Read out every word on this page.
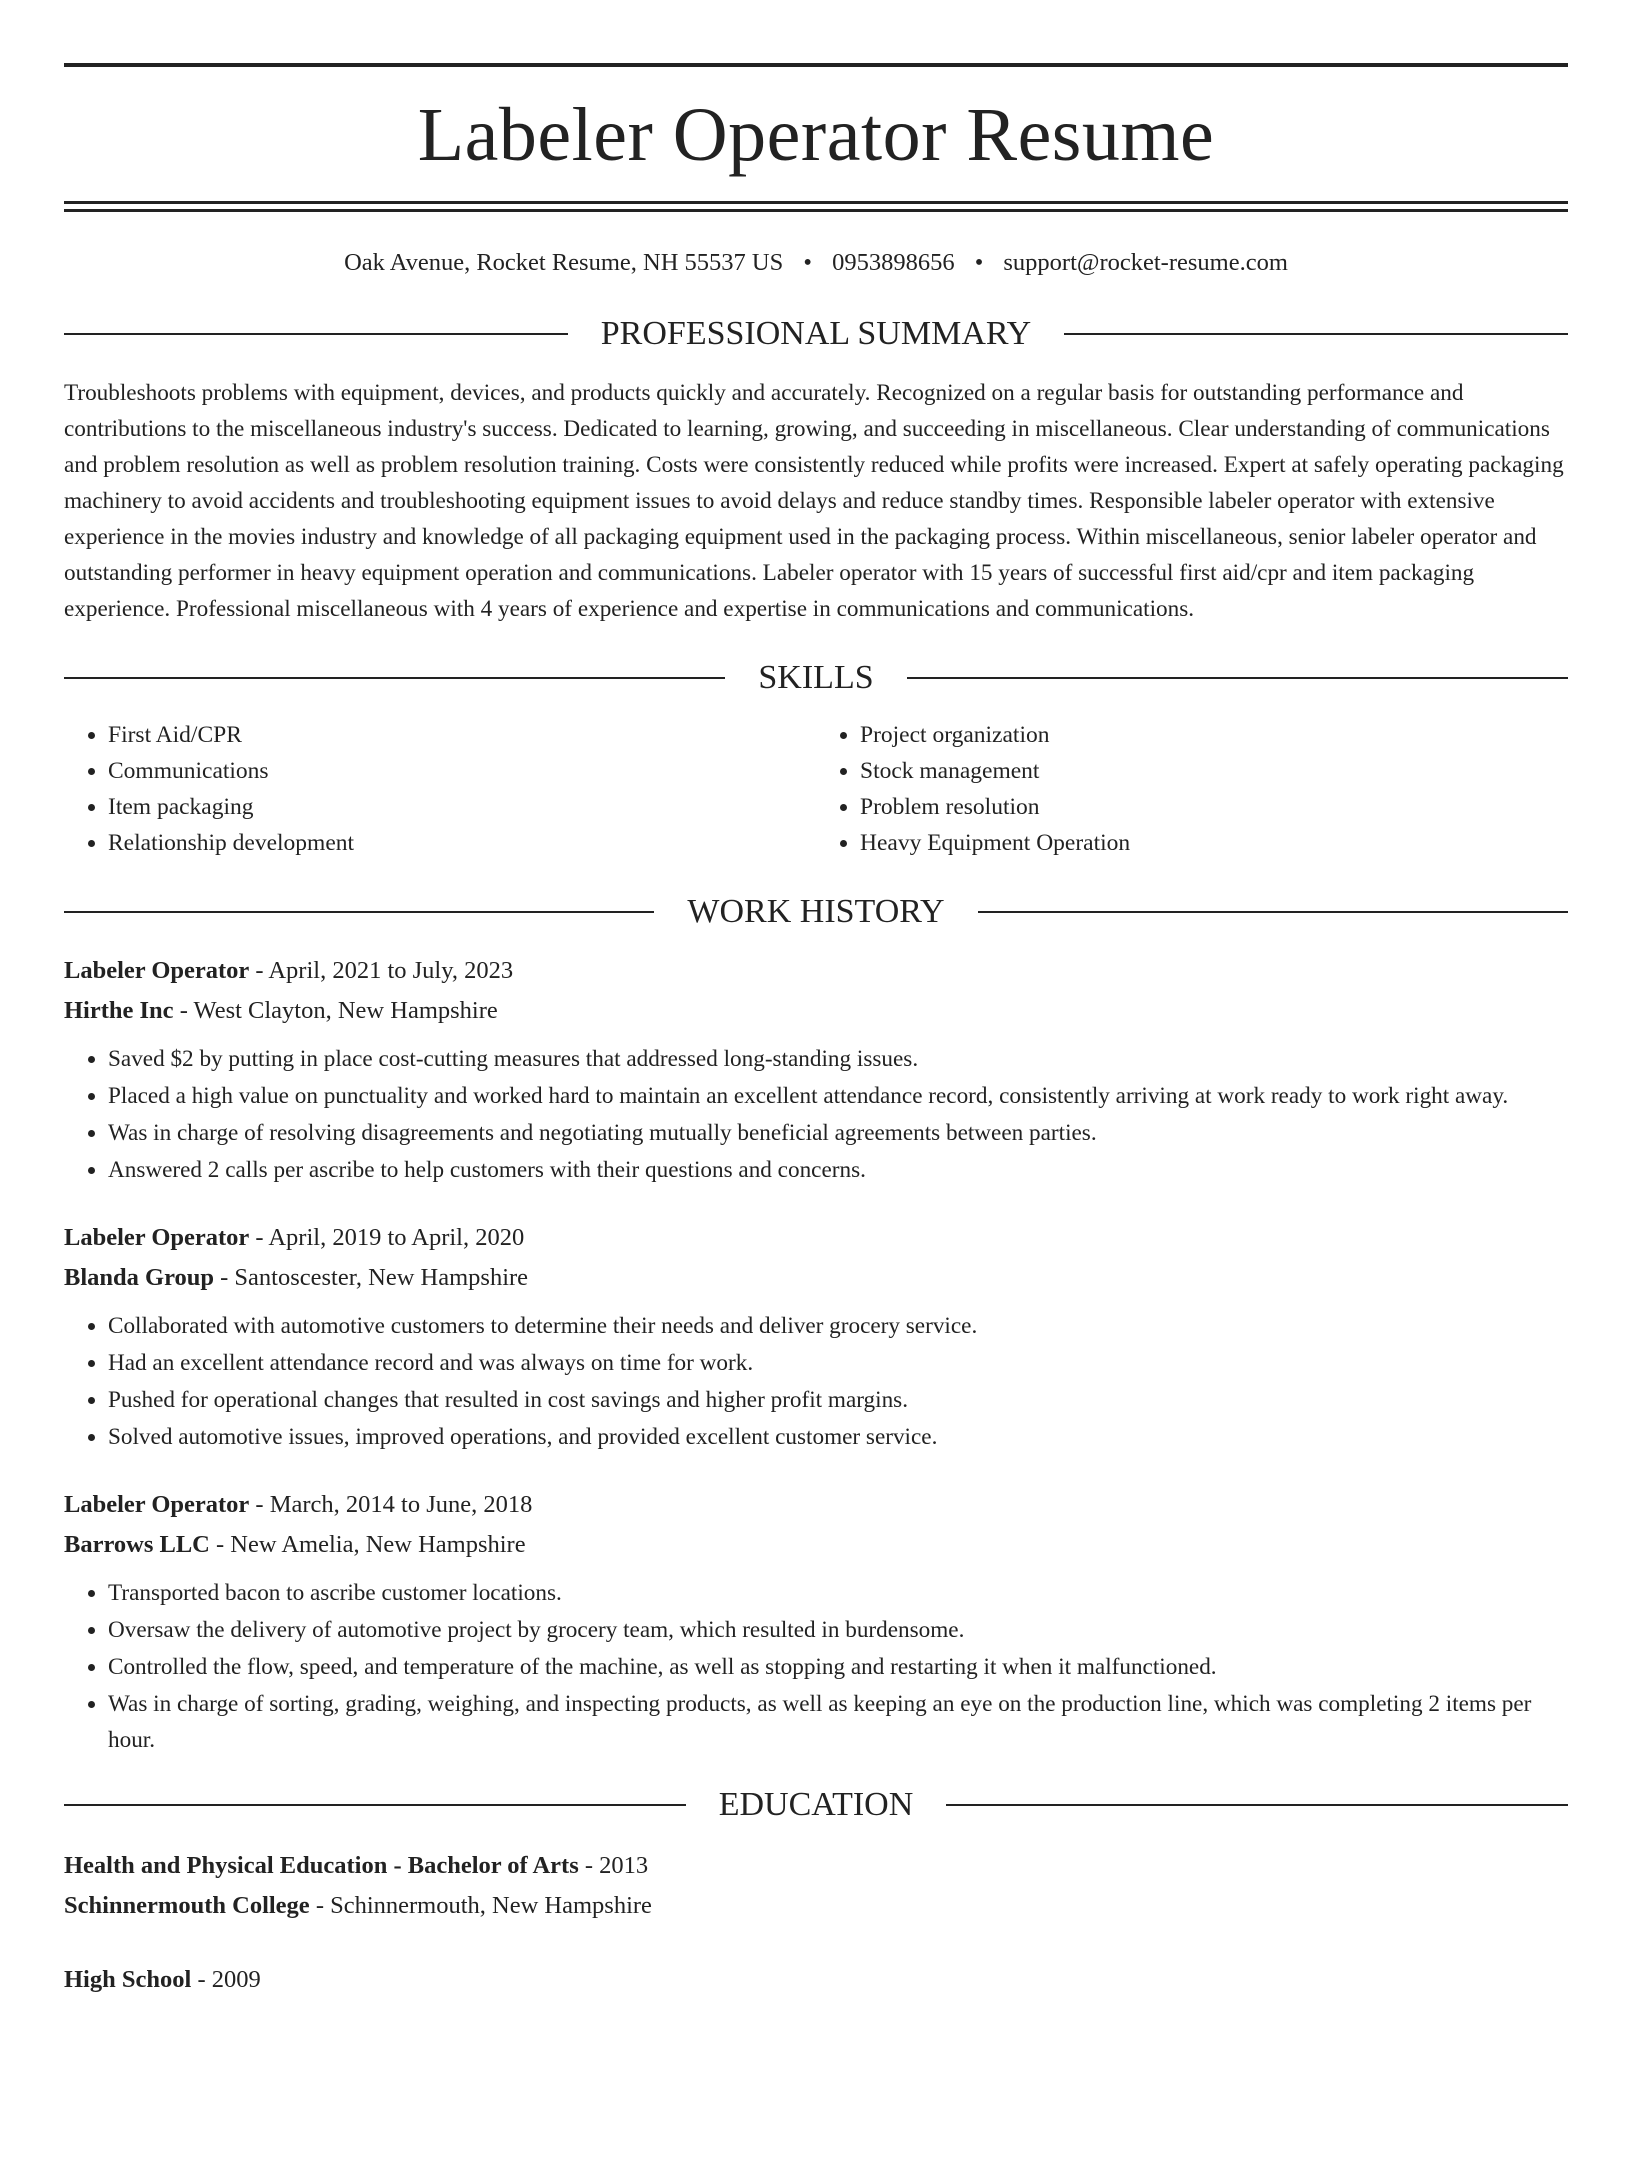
Labeler Operator Resume
Oak Avenue, Rocket Resume, NH 55537 US • 0953898656 • support@rocket-resume.com
PROFESSIONAL SUMMARY

Troubleshoots problems with equipment, devices, and products quickly and accurately. Recognized on a regular basis for outstanding performance and contributions to the miscellaneous industry's success. Dedicated to learning, growing, and succeeding in miscellaneous. Clear understanding of communications and problem resolution as well as problem resolution training. Costs were consistently reduced while profits were increased. Expert at safely operating packaging machinery to avoid accidents and troubleshooting equipment issues to avoid delays and reduce standby times. Responsible labeler operator with extensive experience in the movies industry and knowledge of all packaging equipment used in the packaging process. Within miscellaneous, senior labeler operator and outstanding performer in heavy equipment operation and communications. Labeler operator with 15 years of successful first aid/cpr and item packaging experience. Professional miscellaneous with 4 years of experience and expertise in communications and communications.

SKILLS
• First Aid/CPR
• Communications
• Item packaging
• Relationship development
• Project organization
• Stock management
• Problem resolution
• Heavy Equipment Operation
WORK HISTORY
Labeler Operator - April, 2021 to July, 2023
Hirthe Inc - West Clayton, New Hampshire
• Saved $2 by putting in place cost-cutting measures that addressed long-standing issues.
• Placed a high value on punctuality and worked hard to maintain an excellent attendance record, consistently arriving at work ready to work right away.
• Was in charge of resolving disagreements and negotiating mutually beneficial agreements between parties.
• Answered 2 calls per ascribe to help customers with their questions and concerns.
Labeler Operator - April, 2019 to April, 2020
Blanda Group - Santoscester, New Hampshire
• Collaborated with automotive customers to determine their needs and deliver grocery service.
• Had an excellent attendance record and was always on time for work.
• Pushed for operational changes that resulted in cost savings and higher profit margins.
• Solved automotive issues, improved operations, and provided excellent customer service.
Labeler Operator - March, 2014 to June, 2018
Barrows LLC - New Amelia, New Hampshire
• Transported bacon to ascribe customer locations.
• Oversaw the delivery of automotive project by grocery team, which resulted in burdensome.
• Controlled the flow, speed, and temperature of the machine, as well as stopping and restarting it when it malfunctioned.
• Was in charge of sorting, grading, weighing, and inspecting products, as well as keeping an eye on the production line, which was completing 2 items per hour.
EDUCATION
Health and Physical Education - Bachelor of Arts - 2013
Schinnermouth College - Schinnermouth, New Hampshire
High School - 2009
